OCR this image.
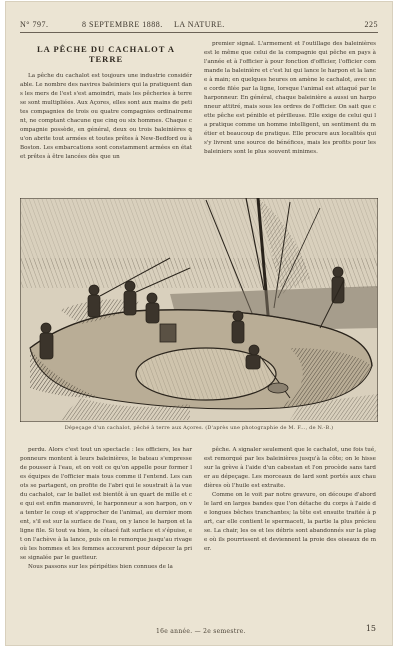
N° 797.	8 SEPTEMBRE 1888. LA NATURE.	225
LA PÊCHE DU CACHALOT A TERRE

La pêche du cachalot est toujours une industrie considérable. Le nombre des navires baleiniers qui la pratiquent dans les mers de l'est s'est amoindri, mais les pêcheries à terre se sont multipliées. Aux Açores, elles sont aux mains de petites compagnies de trois ou quatre compagnies ordinairement, ne comptant chacune que cinq ou six hommes. Chaque compagnie possède, en général, deux ou trois baleinières qu'on abrite tout armées et toutes prêtes à New-Bedford ou à Boston. Les embarcations sont constamment armées en état et prêtes à être lancées dès que un

premier signal. L'armement et l'outillage des baleinières est le même que celui de la compagnie qui pêche en pays à l'année et à l'officier à pour fonction d'officier, l'officier commande la baleinière et c'est lui qui lance le harpon et la lance à main; en quelques heures on amène le cachalot, avec une corde filée par la ligne, lorsque l'animal est attaqué par le harponneur. En général, chaque baleinière a aussi un harponneur attitré, mais sous les ordres de l'officier. On sait que cette pêche est pénible et périlleuse. Elle exige de celui qui la pratique comme un homme intelligent, un sentiment du métier et beaucoup de pratique. Elle procure aux localités qui s'y livrent une source de bénéfices, mais les profits pour les baleiniers sont le plus souvent minimes.

Dépeçage d'un cachalot, pêché à terre aux Açores. (D'après une photographie de M. F..., de N.-B.)

perdu. Alors c'est tout un spectacle : les officiers, les harponneurs montent à leurs baleinières, le bateau s'empresse de pousser à l'eau, et on voit ce qu'on appelle pour former les équipes de l'officier mais tous comme il l'entend. Les canots se partagent, on profite de l'abri qui le soustrait à la vue du cachalot, car le ballet est bientôt à un quart de mille et ce qui est enfin manœuvré, le harponneur a son harpon, on va tenter le coup et s'approcher de l'animal, au dernier moment, s'il est sur la surface de l'eau, on y lance le harpon et la ligne file. Si tout va bien, le cétacé fait surface et s'épuise, et on l'achève à la lance, puis on le remorque jusqu'au rivage où les hommes et les femmes accourent pour dépecer la prise signalée par le guetteur.

Nous passons sur les péripéties bien connues de la

pêche. A signaler seulement que le cachalot, une fois tué, est remorqué par les baleinières jusqu'à la côte; on le hisse sur la grève à l'aide d'un cabestan et l'on procède sans tarder au dépeçage. Les morceaux de lard sont portés aux chaudières où l'huile est extraite.

Comme on le voit par notre gravure, on découpe d'abord le lard en larges bandes que l'on détache du corps à l'aide de longues bêches tranchantes; la tête est ensuite traitée à part, car elle contient le spermaceti, la partie la plus précieuse. La chair, les os et les débris sont abandonnés sur la plage où ils pourrissent et deviennent la proie des oiseaux de mer.

16e année. — 2e semestre.	15
